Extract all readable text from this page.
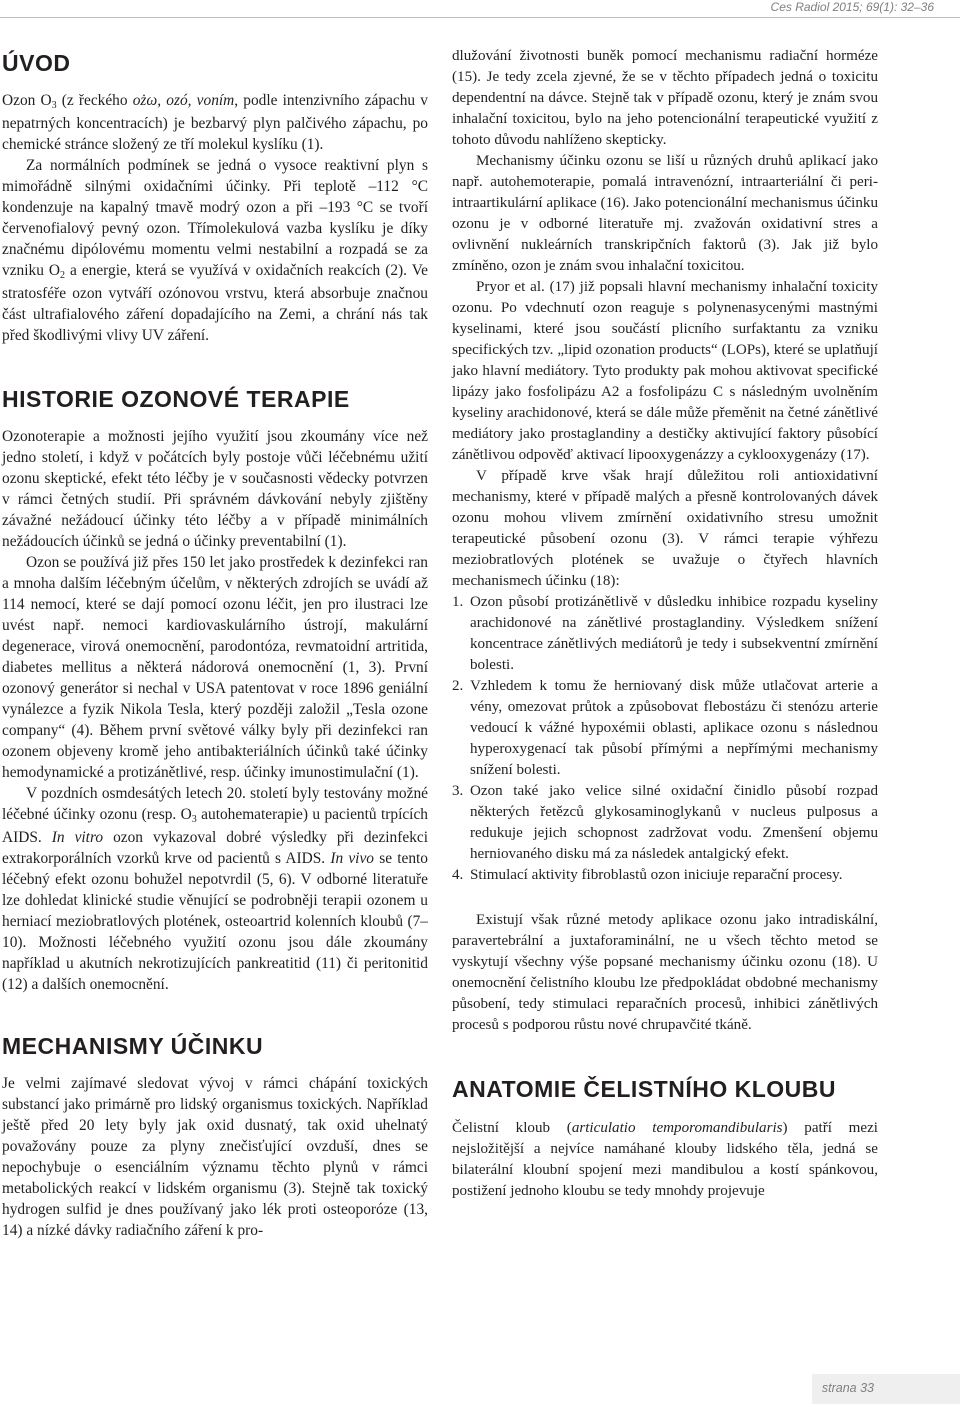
Ces Radiol 2015; 69(1): 32–36
ÚVOD

Ozon O3 (z řeckého ożω, ozó, voním, podle intenzivního zápachu v nepatrných koncentracích) je bezbarvý plyn palčivého zápachu, po chemické stránce složený ze tří molekul kyslíku (1).

Za normálních podmínek se jedná o vysoce reaktivní plyn s mimořádně silnými oxidačními účinky. Při teplotě –112 °C kondenzuje na kapalný tmavě modrý ozon a při –193 °C se tvoří červenofialový pevný ozon. Třímolekulová vazba kyslíku je díky značnému dipólovému momentu velmi nestabilní a rozpadá se za vzniku O2 a energie, která se využívá v oxidačních reakcích (2). Ve stratosféře ozon vytváří ozónovou vrstvu, která absorbuje značnou část ultrafialového záření dopadajícího na Zemi, a chrání nás tak před škodlivými vlivy UV záření.

HISTORIE OZONOVÉ TERAPIE

Ozonoterapie a možnosti jejího využití jsou zkoumány více než jedno století, i když v počátcích byly postoje vůči léčebnému užití ozonu skeptické, efekt této léčby je v současnosti vědecky potvrzen v rámci četných studií. Při správném dávkování nebyly zjištěny závažné nežádoucí účinky této léčby a v případě minimálních nežádoucích účinků se jedná o účinky preventabilní (1).

Ozon se používá již přes 150 let jako prostředek k dezinfekci ran a mnoha dalším léčebným účelům, v některých zdrojích se uvádí až 114 nemocí, které se dají pomocí ozonu léčit, jen pro ilustraci lze uvést např. nemoci kardiovaskulárního ústrojí, makulární degenerace, virová onemocnění, parodontóza, revmatoidní artritida, diabetes mellitus a některá nádorová onemocnění (1, 3). První ozonový generátor si nechal v USA patentovat v roce 1896 geniální vynálezce a fyzik Nikola Tesla, který později založil „Tesla ozone company“ (4). Během první světové války byly při dezinfekci ran ozonem objeveny kromě jeho antibakteriálních účinků také účinky hemodynamické a protizánětlivé, resp. účinky imunostimulační (1).

V pozdních osmdesátých letech 20. století byly testovány možné léčebné účinky ozonu (resp. O3 autohematerapie) u pacientů trpících AIDS. In vitro ozon vykazoval dobré výsledky při dezinfekci extrakorporálních vzorků krve od pacientů s AIDS. In vivo se tento léčebný efekt ozonu bohužel nepotvrdil (5, 6). V odborné literatuře lze dohledat klinické studie věnující se podrobněji terapii ozonem u herniací meziobratlových plotének, osteoartrid kolenních kloubů (7–10). Možnosti léčebného využití ozonu jsou dále zkoumány například u akutních nekrotizujících pankreatitid (11) či peritonitid (12) a dalších onemocnění.

MECHANISMY ÚČINKU

Je velmi zajímavé sledovat vývoj v rámci chápání toxických substancí jako primárně pro lidský organismus toxických. Například ještě před 20 lety byly jak oxid dusnatý, tak oxid uhelnatý považovány pouze za plyny znečisťující ovzduší, dnes se nepochybuje o esenciálním významu těchto plynů v rámci metabolických reakcí v lidském organismu (3). Stejně tak toxický hydrogen sulfid je dnes používaný jako lék proti osteoporóze (13, 14) a nízké dávky radiačního záření k pro-

dlužování životnosti buněk pomocí mechanismu radiační horméze (15). Je tedy zcela zjevné, že se v těchto případech jedná o toxicitu dependentní na dávce. Stejně tak v případě ozonu, který je znám svou inhalační toxicitou, bylo na jeho potencionální terapeutické využití z tohoto důvodu nahlíženo skepticky.

Mechanismy účinku ozonu se liší u různých druhů aplikací jako např. autohemoterapie, pomalá intravenózní, intraarteriální či peri-intraartikulární aplikace (16). Jako potencionální mechanismus účinku ozonu je v odborné literatuře mj. zvažován oxidativní stres a ovlivnění nukleárních transkripčních faktorů (3). Jak již bylo zmíněno, ozon je znám svou inhalační toxicitou.

Pryor et al. (17) již popsali hlavní mechanismy inhalační toxicity ozonu. Po vdechnutí ozon reaguje s polynenasycenými mastnými kyselinami, které jsou součástí plicního surfaktantu za vzniku specifických tzv. „lipid ozonation products“ (LOPs), které se uplatňují jako hlavní mediátory. Tyto produkty pak mohou aktivovat specifické lipázy jako fosfolipázu A2 a fosfolipázu C s následným uvolněním kyseliny arachidonové, která se dále může přeměnit na četné zánětlivé mediátory jako prostaglandiny a destičky aktivující faktory působící zánětlivou odpověď aktivací lipooxygenázzy a cyklooxygenázy (17).

V případě krve však hrají důležitou roli antioxidativní mechanismy, které v případě malých a přesně kontrolovaných dávek ozonu mohou vlivem zmírnění oxidativního stresu umožnit terapeutické působení ozonu (3). V rámci terapie výhřezu meziobratlových plotének se uvažuje o čtyřech hlavních mechanismech účinku (18):

1. Ozon působí protizánětlivě v důsledku inhibice rozpadu kyseliny arachidonové na zánětlivé prostaglandiny. Výsledkem snížení koncentrace zánětlivých mediátorů je tedy i subsekventní zmírnění bolesti.
2. Vzhledem k tomu že herniovaný disk může utlačovat arterie a vény, omezovat průtok a způsobovat flebostázu či stenózu arterie vedoucí k vážné hypoxémii oblasti, aplikace ozonu s následnou hyperoxygenací tak působí přímými a nepřímými mechanismy snížení bolesti.
3. Ozon také jako velice silné oxidační činidlo působí rozpad některých řetězců glykosaminoglykanů v nucleus pulposus a redukuje jejich schopnost zadržovat vodu. Zmenšení objemu herniovaného disku má za následek antalgický efekt.
4. Stimulací aktivity fibroblastů ozon iniciuje reparační procesy.

Existují však různé metody aplikace ozonu jako intradiskální, paravertebrální a juxtaforaminální, ne u všech těchto metod se vyskytují všechny výše popsané mechanismy účinku ozonu (18). U onemocnění čelistního kloubu lze předpokládat obdobné mechanismy působení, tedy stimulaci reparačních procesů, inhibici zánětlivých procesů s podporou růstu nové chrupavčité tkáně.

ANATOMIE ČELISTNÍHO KLOUBU

Čelistní kloub (articulatio temporomandibularis) patří mezi nejsložitější a nejvíce namáhané klouby lidského těla, jedná se bilaterální kloubní spojení mezi mandibulou a kostí spánkovou, postižení jednoho kloubu se tedy mnohdy projevuje

strana 33
